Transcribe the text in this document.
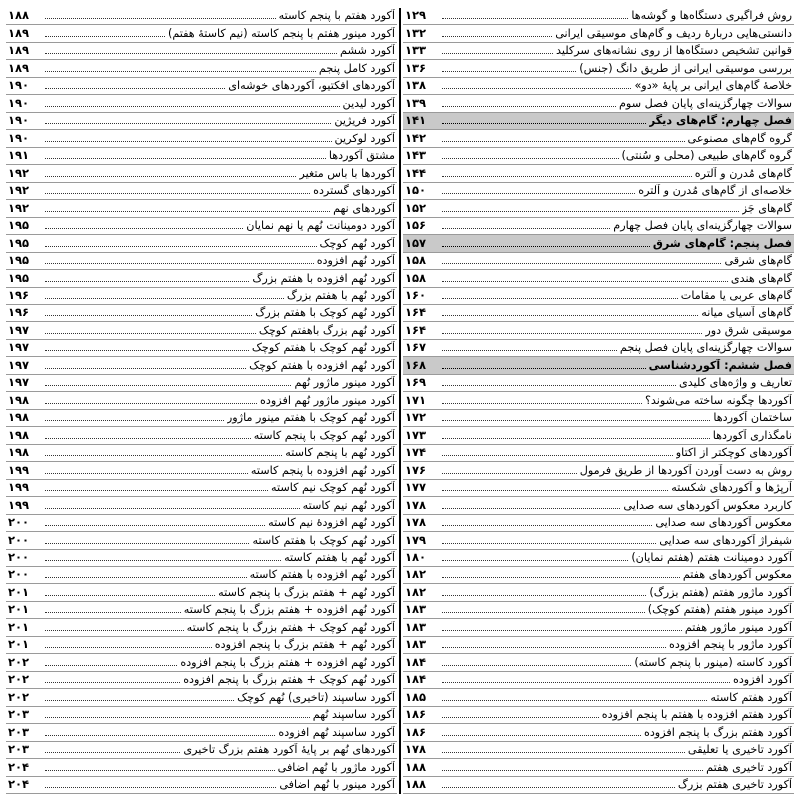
روش فراگیری دستگاه‌ها و گوشه‌ها
۱۲۹
دانستی‌هایی دربارهٔ ردیف و گام‌های موسیقی ایرانی
۱۳۲
قوانین تشخیص دستگاه‌ها از روی نشانه‌های سرکلید
۱۳۳
بررسی موسیقی ایرانی از طریق دانگ (جنس)
۱۳۶
خلاصهٔ گام‌های ایرانی بر پایهٔ «دو»
۱۳۸
سوالات چهارگزینه‌ای پایان فصل سوم
۱۳۹
فصل چهارم: گام‌های دیگر
۱۴۱
گروه گام‌های مصنوعی
۱۴۲
گروه گام‌های طبیعی (محلی و سُنتی)
۱۴۳
گام‌های مُدرن و آلتره
۱۴۴
خلاصه‌ای از گام‌های مُدرن و آلتره
۱۵۰
گام‌های جَز
۱۵۲
سوالات چهارگزینه‌ای پایان فصل چهارم
۱۵۶
فصل پنجم: گام‌های شرق
۱۵۷
گام‌های شرقی
۱۵۸
گام‌های هندی
۱۵۸
گام‌های عربی یا مقامات
۱۶۰
گام‌های آسیای میانه
۱۶۴
موسیقی شرق دور
۱۶۴
سوالات چهارگزینه‌ای پایان فصل پنجم
۱۶۷
فصل ششم: آکوردشناسی
۱۶۸
تعاریف و واژه‌های کلیدی
۱۶۹
آکوردها چگونه ساخته می‌شوند؟
۱۷۱
ساختمان آکوردها
۱۷۲
نامگذاری آکوردها
۱۷۳
آکوردهای کوچکتر از اکتاو
۱۷۴
روش به دست آوردن آکوردها از طریق فرمول
۱۷۶
آرپژها و آکوردهای شکسته
۱۷۷
کاربرد معکوس آکوردهای سه صدایی
۱۷۸
معکوس آکوردهای سه صدایی
۱۷۸
شیفراژ آکوردهای سه صدایی
۱۷۹
آکورد دومینانت هفتم (هفتم نمایان)
۱۸۰
معکوس آکوردهای هفتم
۱۸۲
آکورد ماژور هفتم (هفتم بزرگ)
۱۸۲
آکورد مینور هفتم (هفتم کوچک)
۱۸۳
آکورد مینور ماژور هفتم
۱۸۳
آکورد ماژور با پنجم افزوده
۱۸۳
آکورد کاسته (مینور با پنجم کاسته)
۱۸۴
آکورد افزوده
۱۸۴
آکورد هفتم کاسته
۱۸۵
آکورد هفتم افزوده با هفتم با پنجم افزوده
۱۸۶
آکورد هفتم بزرگ با پنجم افزوده
۱۸۶
آکورد تاخیری یا تعلیقی
۱۷۸
آکورد تاخیری هفتم
۱۸۸
آکورد تاخیری هفتم بزرگ
۱۸۸
آکورد هفتم با پنجم کاسته
۱۸۸
آکورد مینور هفتم با پنجم کاسته (نیم کاستهٔ هفتم)
۱۸۹
آکورد ششم
۱۸۹
آکورد کامل پنجم
۱۸۹
آکوردهای افکتیو، آکوردهای خوشه‌ای
۱۹۰
آکورد لیدین
۱۹۰
آکورد فریژین
۱۹۰
آکورد لوکرین
۱۹۰
مشتق آکوردها
۱۹۱
آکوردها با باس متغیر
۱۹۲
آکوردهای گسترده
۱۹۲
آکوردهای نهم
۱۹۲
آکورد دومینانت نُهم یا نهم نمایان
۱۹۵
آکورد نُهم کوچک
۱۹۵
آکورد نُهم افزوده
۱۹۵
آکورد نُهم افزوده با هفتم بزرگ
۱۹۵
آکورد نُهم با هفتم بزرگ
۱۹۶
آکورد نُهم کوچک با هفتم بزرگ
۱۹۶
آکورد نُهم بزرگ باهفتم کوچک
۱۹۷
آکورد نُهم کوچک با هفتم کوچک
۱۹۷
آکورد نُهم افزوده با هفتم کوچک
۱۹۷
آکورد مینور ماژور نُهم
۱۹۷
آکورد مینور ماژور نُهم افزوده
۱۹۸
آکورد نُهم کوچک با هفتم مینور ماژور
۱۹۸
آکورد نُهم کوچک با پنجم کاسته
۱۹۸
آکورد نُهم با پنجم کاسته
۱۹۸
آکورد نُهم افزوده با پنجم کاسته
۱۹۹
آکورد نُهم کوچک نیم کاسته
۱۹۹
آکورد نُهم نیم کاسته
۱۹۹
آکورد نُهم افزودهٔ نیم کاسته
۲۰۰
آکورد نُهم کوچک با هفتم کاسته
۲۰۰
آکورد نُهم با هفتم کاسته
۲۰۰
آکورد نُهم افزوده با هفتم کاسته
۲۰۰
آکورد نُهم + هفتم بزرگ با پنجم کاسته
۲۰۱
آکورد نُهم افزوده + هفتم بزرگ با پنجم کاسته
۲۰۱
آکورد نُهم کوچک + هفتم بزرگ با پنجم کاسته
۲۰۱
آکورد نُهم + هفتم بزرگ با پنجم افزوده
۲۰۱
آکورد نُهم افزوده + هفتم بزرگ با پنجم افزوده
۲۰۲
آکورد نُهم کوچک + هفتم بزرگ با پنجم افزوده
۲۰۲
آکورد ساسپند (تاخیری) نُهم کوچک
۲۰۲
آکورد ساسپند نُهم
۲۰۳
آکورد ساسپند نُهم افزوده
۲۰۳
آکوردهای نُهم بر پایهٔ آکورد هفتم بزرگ تاخیری
۲۰۳
آکورد ماژور با نُهم اضافی
۲۰۴
آکورد مینور با نُهم اضافی
۲۰۴
